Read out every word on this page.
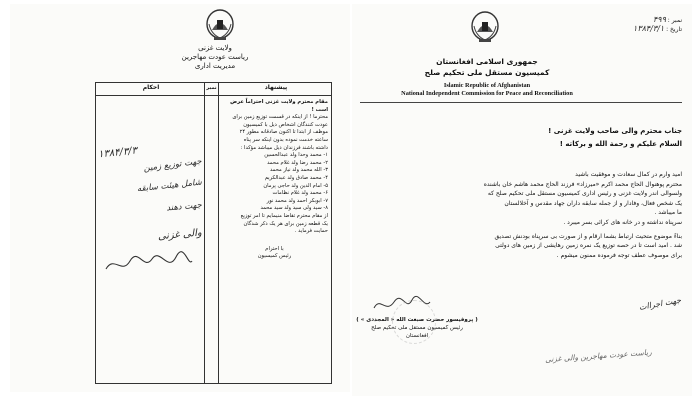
ولایت غزنی
ریاست عودت مهاجرین
مدیریت اداری
احکام	نمبر	پیشنهاد
مقام محترم ولایت غزنی احتراماً عرض
است !
محترما ! از اینکه در قسمت توزیع زمین برای
عودت کنندگان اشخاص ذیل با کمیسیون
موظف از ابتدا تا اکنون صادقانه مطور ۲۴
ساعته خدمت نموده بدون اینکه سر پناه
داشته باشند فرزندان ذیل میباشد مؤکدا :
۱- محمد وحدا ولد عبدالحسین
۲- محمد رضا ولد غلام محمد
۳- الله محمد ولد نیاز محمد
۴- محمد صادق ولد عبدالکریم
۵- امام الدین ولد حاجی پرمان
۶- محمد ولد غلام نظامات
۷- ابوبکر احمد ولد محمد نور
۸- سید ولی سید ولد سید محمد
از مقام محترم تقاضا منیمایم تا امر توزیع
یک قطعه زمین برای هر یک ذکر شدگان
حمایت فرماید .
با احترام
رئیس کمیسیون
۱۳۸۴/۳/۳
جهت توزیع زمین
شامل هیئت سابقه
جهت دهند
والی غزنی
نمبر : ۴۹۹
تاریخ : ۱۳۸۴/۳/۱
جمهوری اسلامی افغانستان
کمیسیون مستقل ملی تحکیم صلح
Islamic Republic of Afghanistan
National Independent Commission for Peace and Reconciliation
جناب محترم والی صاحب ولایت غزنی !
السلام علیکم و رحمة الله و برکاته !
امید وارم در کمال سعادت و موفقیت باشید
محترم پوهنوال الحاج محمد اکرم «میرزاد» فرزند الحاج محمد هاشم خان باشنده
ولسوالی اندر ولایت غزنی و رئیس اداری کمیسیون مستقل ملی تحکیم صلح که
یک شخص فعال، وفادار و از جمله سابقه داران جهاد مقدس و آخلالستان
ما میباشد .
سرپناه نداشته و در خانه های کرائی بسر میبرد .
بناءً موضوع متحیث ارتباط بشما ارقام و از صورت بی سرپناه بودنش تصدیق
شد . امید است تا در حصه توزیع یک نمره زمین رهایشی از زمین های دولتی
برای موصوف عطف توجه فرموده ممنون میشوم .
( پروفیسور حضرت صبغت الله « المجددی » )
رئیس کمیسیون مستقل ملی تحکیم صلح
افغانستان
جهت اجراات
ریاست عودت مهاجرین والی غزنی
